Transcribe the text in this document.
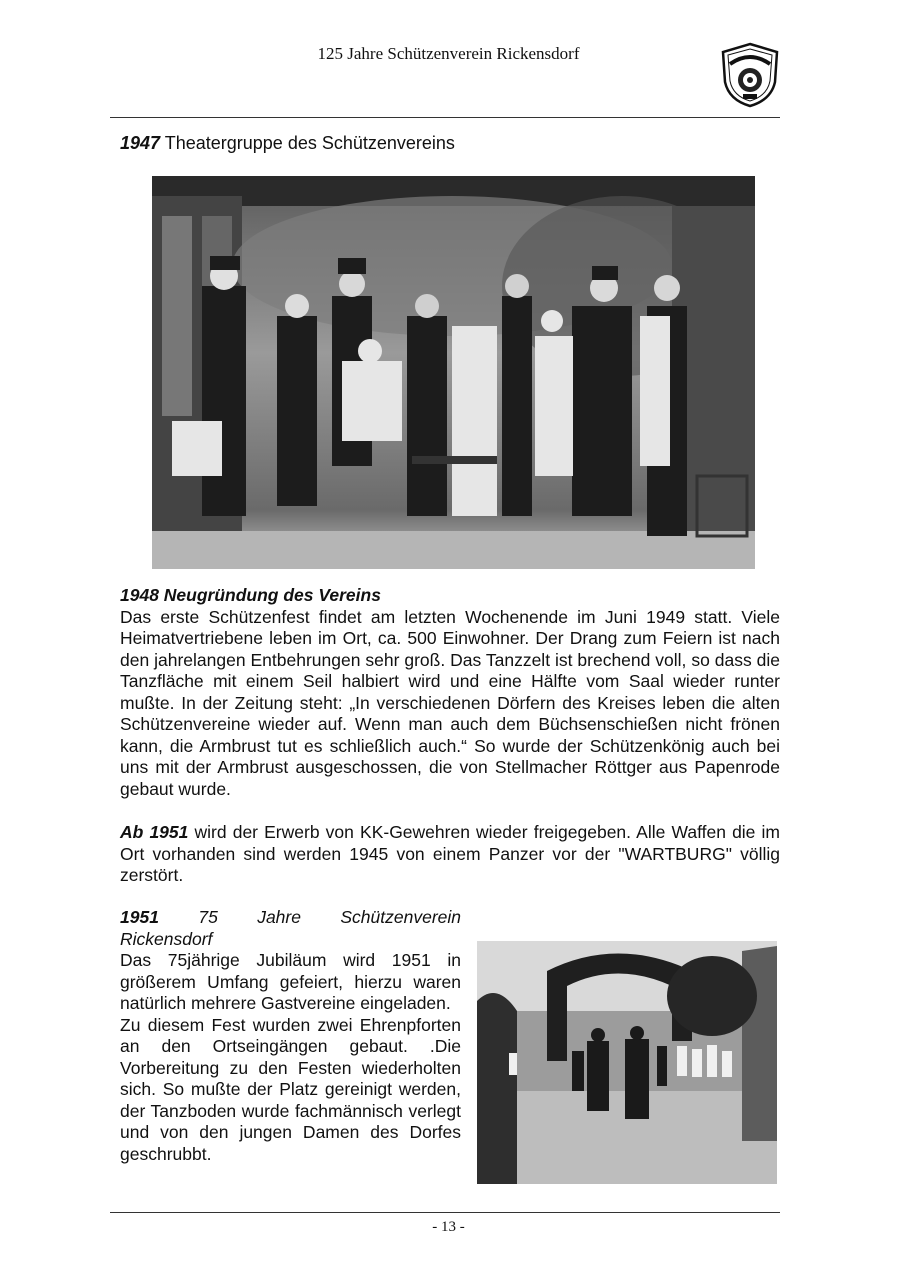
125 Jahre Schützenverein Rickensdorf
1947 Theatergruppe des Schützenvereins

1948 Neugründung des Vereins

Das erste Schützenfest findet am letzten Wochenende im Juni 1949 statt. Viele Heimatvertriebene leben im Ort, ca. 500 Einwohner. Der Drang zum Feiern ist nach den jahrelangen Entbehrungen sehr groß. Das Tanzzelt ist brechend voll, so dass die Tanzfläche mit einem Seil halbiert wird und eine Hälfte vom Saal wieder runter mußte. In der Zeitung steht: „In verschiedenen Dörfern des Kreises leben die alten Schützenvereine wieder auf. Wenn man auch dem Büchsenschießen nicht frönen kann, die Armbrust tut es schließlich auch.“ So wurde der Schützenkönig auch bei uns mit der Armbrust ausgeschossen, die von Stellmacher Röttger aus Papenrode gebaut wurde.

Ab 1951 wird der Erwerb von KK-Gewehren wieder freigegeben. Alle Waffen die im Ort vorhanden sind werden 1945 von einem Panzer vor der "WARTBURG" völlig zerstört.

1951 75 Jahre Schützenverein

Rickensdorf

Das 75jährige Jubiläum wird 1951 in größerem Umfang gefeiert, hierzu waren natürlich mehrere Gastvereine eingeladen.

Zu diesem Fest wurden zwei Ehrenpforten an den Ortseingängen gebaut. .Die Vorbereitung zu den Festen wiederholten sich. So mußte der Platz gereinigt werden, der Tanzboden wurde fachmännisch verlegt und von den jungen Damen des Dorfes geschrubbt.

- 13 -
